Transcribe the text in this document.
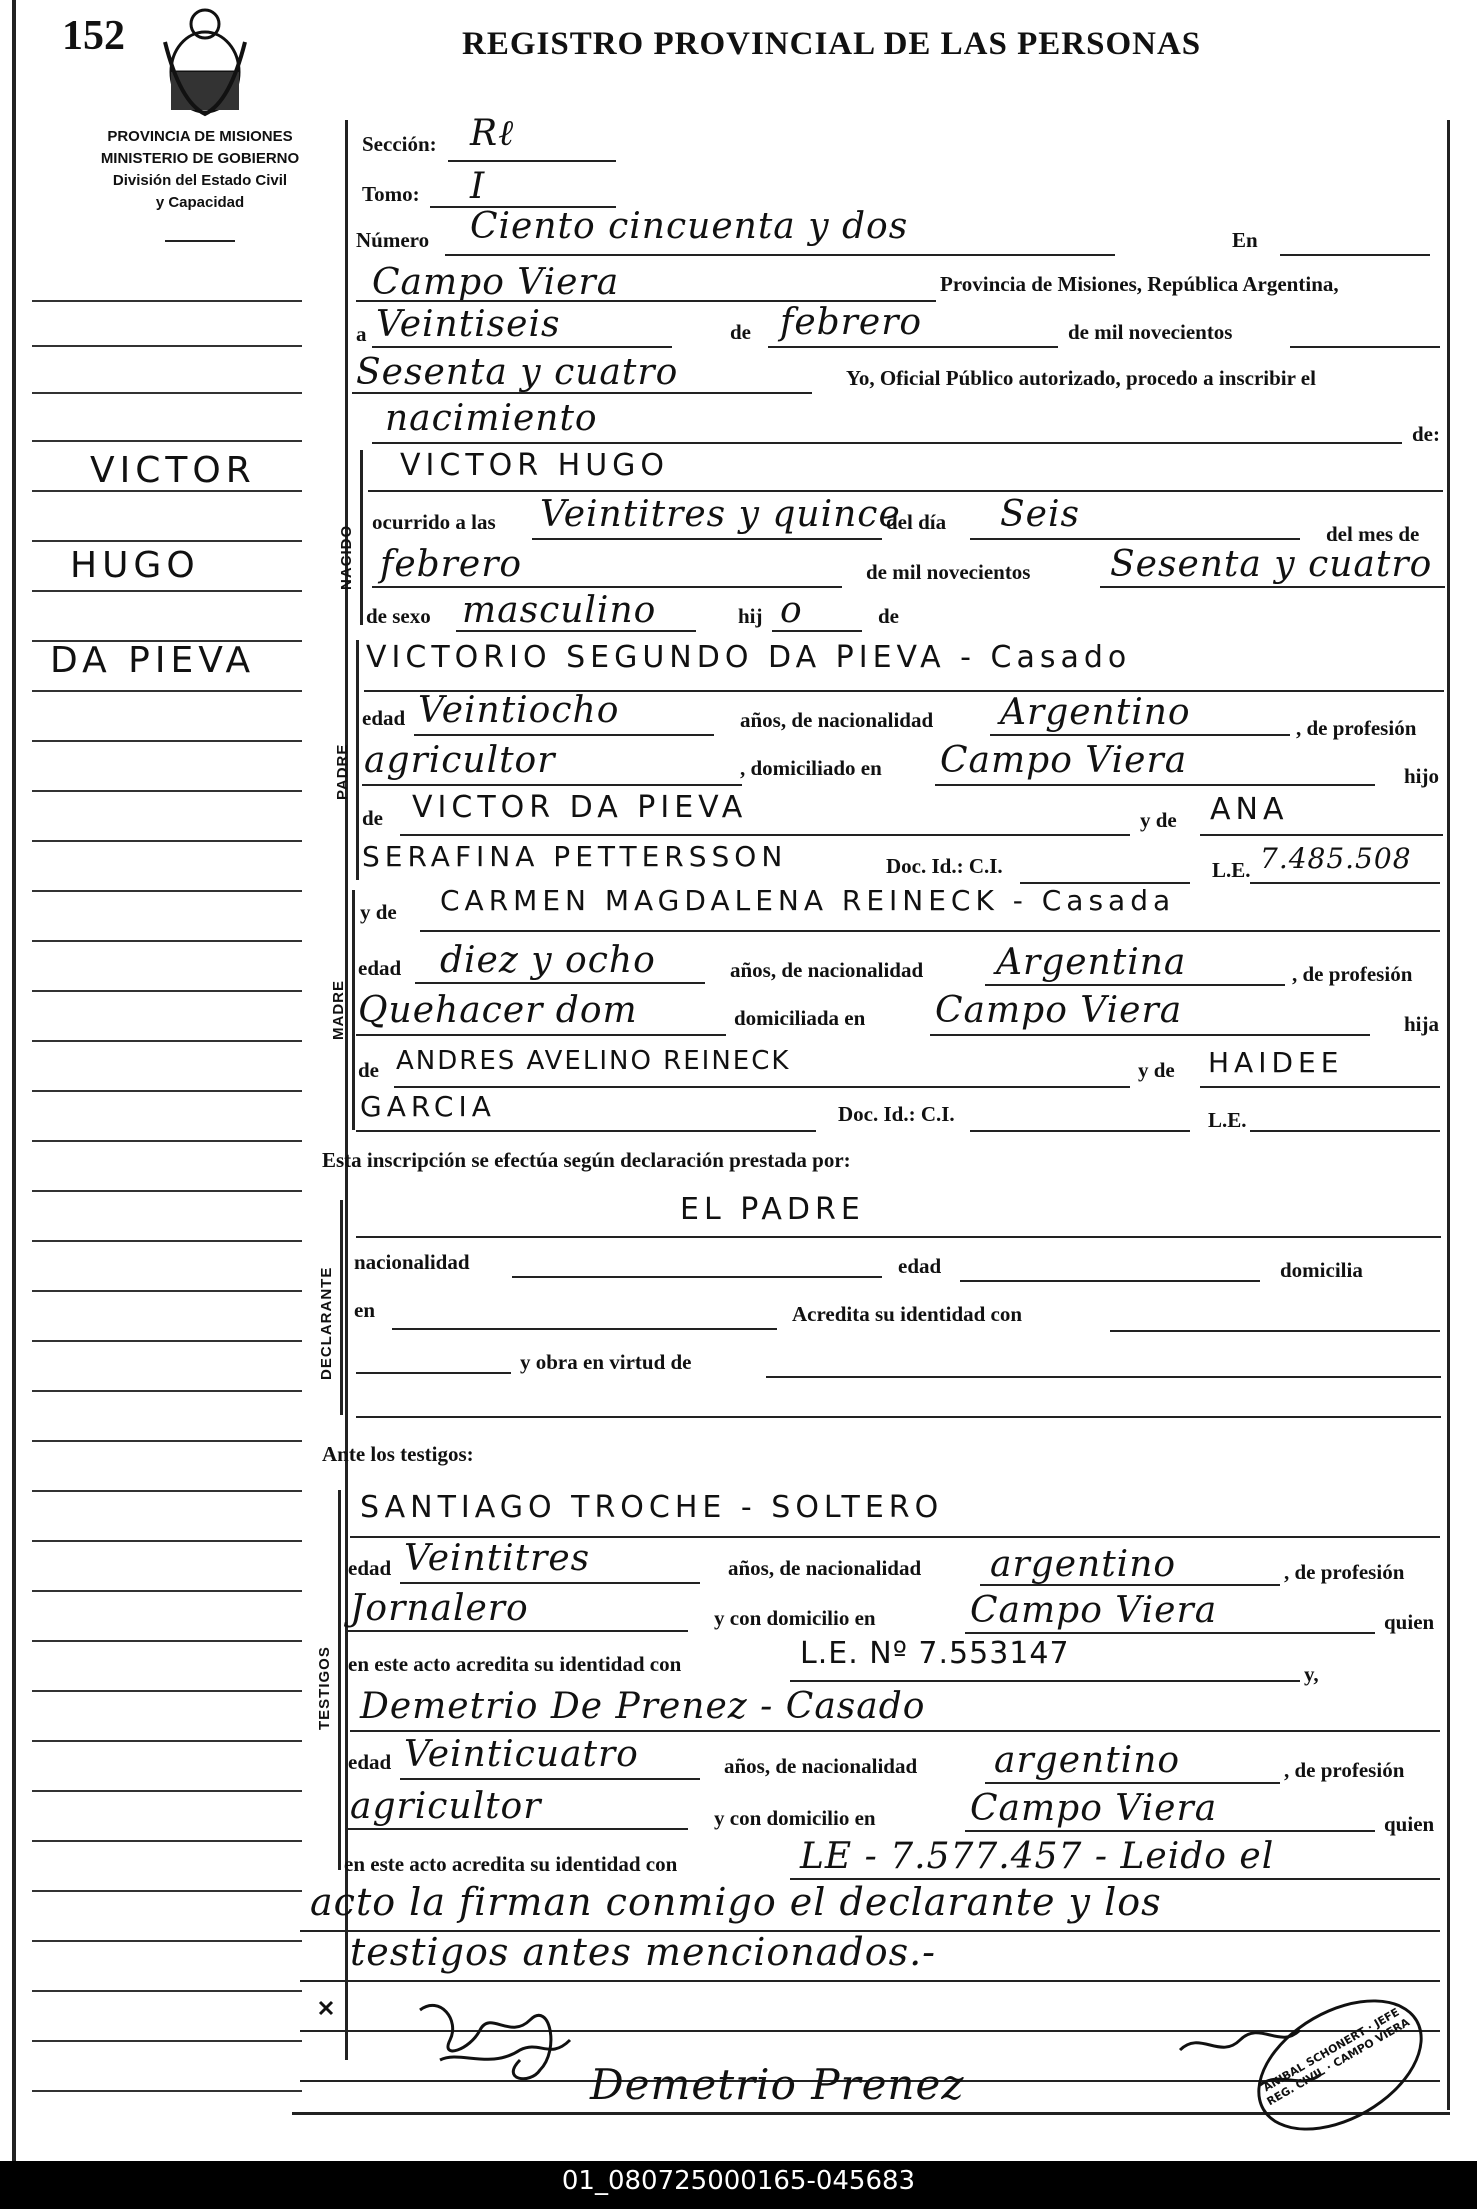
152	REGISTRO PROVINCIAL DE LAS PERSONAS
PROVINCIA DE MISIONES
MINISTERIO DE GOBIERNO
División del Estado Civil
y Capacidad
VICTOR
HUGO
DA PIEVA
Sección: Rℓ
Tomo: I
Número Ciento cincuenta y dos	En
Campo Viera	Provincia de Misiones, República Argentina,
a Veintiseis	de febrero	de mil novecientos
Sesenta y cuatro	Yo, Oficial Público autorizado, procedo a inscribir el
nacimiento	de:
NACIDO
VICTOR HUGO
ocurrido a las Veintitres y quince
del día Seis	del mes de
febrero	de mil novecientos Sesenta y cuatro
de sexo masculino	hij o	de
PADRE
VICTORIO SEGUNDO DA PIEVA - Casado
edad Veintiocho	años, de nacionalidad Argentino	, de profesión
agricultor	, domiciliado en Campo Viera	hijo
de VICTOR DA PIEVA	y de ANA
SERAFINA PETTERSSON	Doc. Id.: C.I.	L.E. 7.485.508
MADRE
y de CARMEN MAGDALENA REINECK - Casada
edad diez y ocho	años, de nacionalidad Argentina	, de profesión
Quehacer dom	domiciliada en Campo Viera	hija
de ANDRES AVELINO REINECK	y de HAIDEE
GARCIA	Doc. Id.: C.I.	L.E.
Esta inscripción se efectúa según declaración prestada por:
DECLARANTE
EL PADRE
nacionalidad	edad	domicilia
en	Acredita su identidad con
y obra en virtud de
Ante los testigos:
TESTIGOS
SANTIAGO TROCHE - SOLTERO
edad Veintitres	años, de nacionalidad argentino	, de profesión
Jornalero	y con domicilio en	Campo Viera	quien
en este acto acredita su identidad con	L.E. Nº 7.553147
y,
Demetrio De Prenez - Casado
edad Veinticuatro	años, de nacionalidad argentino	, de profesión
agricultor	y con domicilio en	Campo Viera	quien
en este acto acredita su identidad con	LE - 7.577.457 - Leido el
acto la firman conmigo el declarante y los
testigos antes mencionados.-
Demetrio Prenez	ANIBAL SCHONERT · JEFE REG. CIVIL · CAMPO VIERA
01_080725000165-045683
